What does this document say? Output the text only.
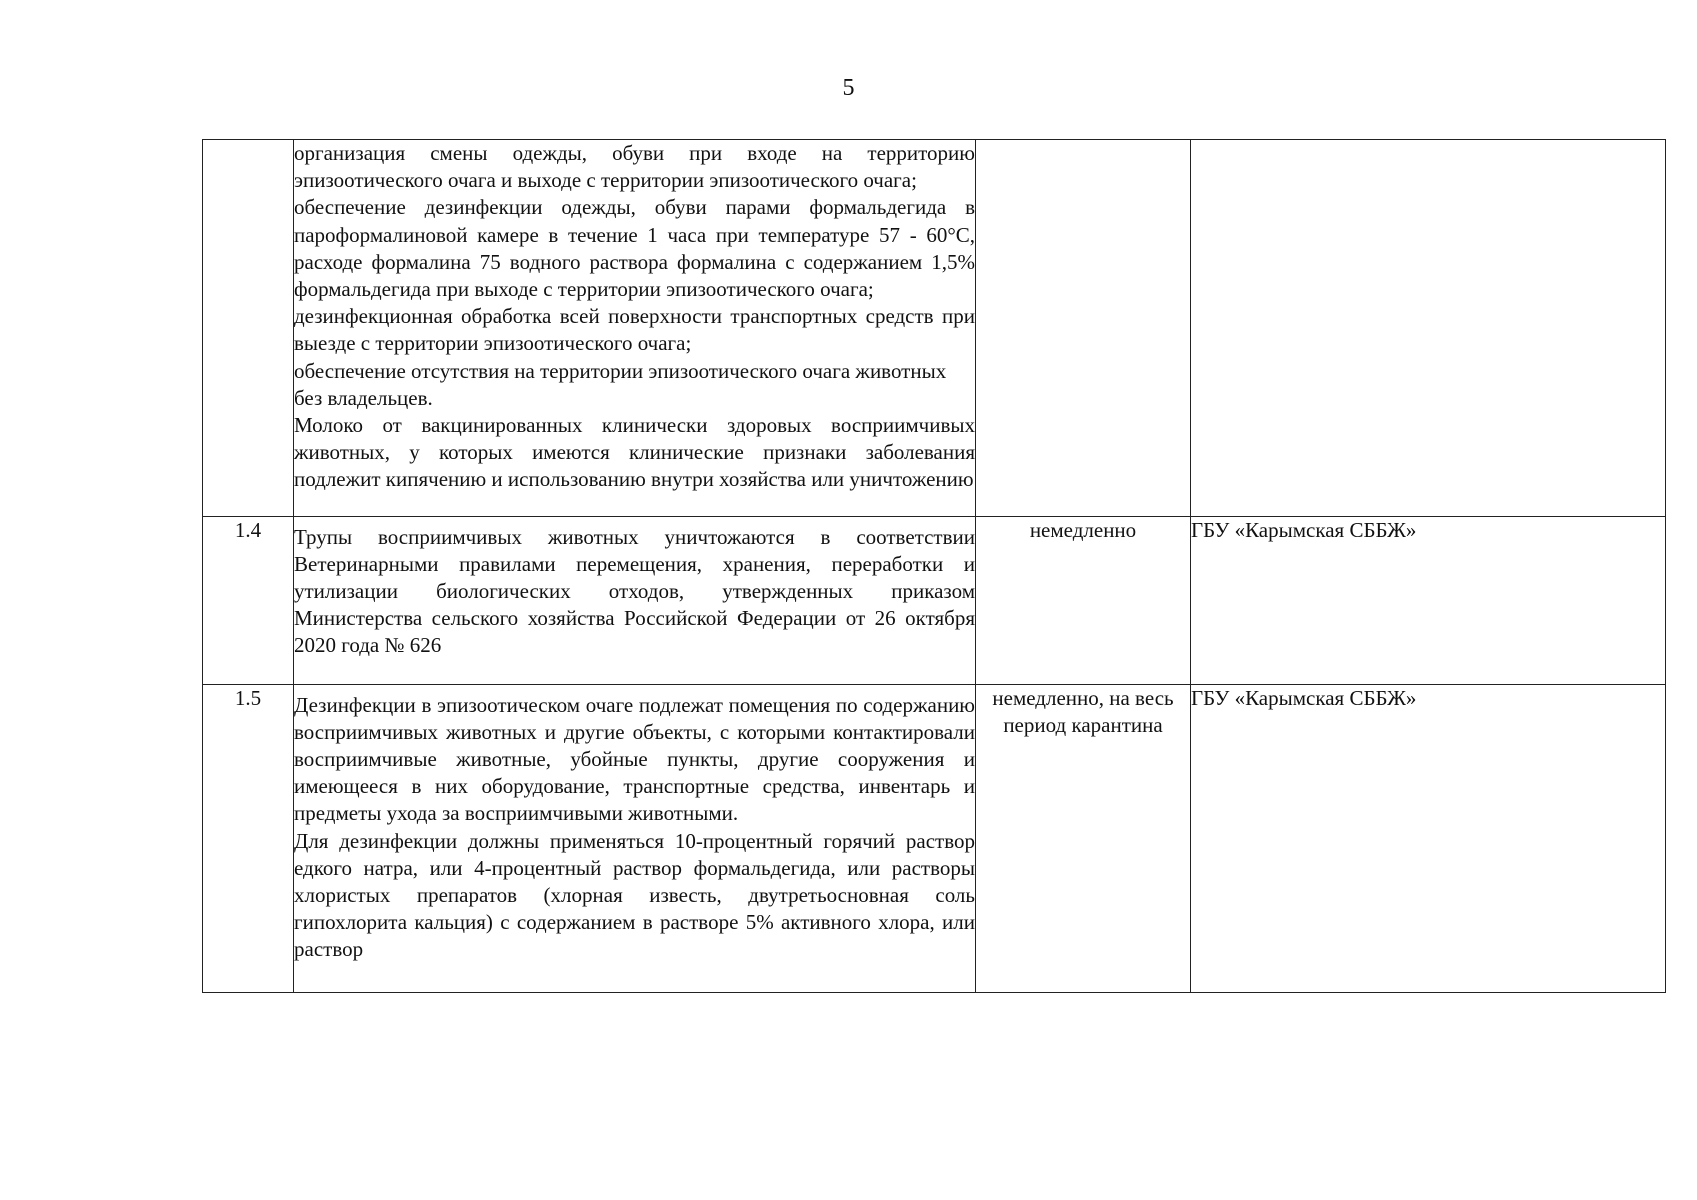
5

	организация смены одежды, обуви при входе на территорию эпизоотического очага и выходе с территории эпизоотического очага;

обеспечение дезинфекции одежды, обуви парами формальдегида в пароформалиновой камере в течение 1 часа при температуре 57 - 60°С, расходе формалина 75 водного раствора формалина с содержанием 1,5% формальдегида при выходе с территории эпизоотического очага;

дезинфекционная обработка всей поверхности транспортных средств при выезде с территории эпизоотического очага;

обеспечение отсутствия на территории эпизоотического очага животных без владельцев.

Молоко от вакцинированных клинически здоровых восприимчивых животных, у которых имеются клинические признаки заболевания подлежит кипячению и использованию внутри хозяйства или уничтожению		

1.4	Трупы восприимчивых животных уничтожаются в соответствии Ветеринарными правилами перемещения, хранения, переработки и утилизации биологических отходов, утвержденных приказом Министерства сельского хозяйства Российской Федерации от 26 октября 2020 года № 626	немедленно	ГБУ «Карымская СББЖ»
1.5	Дезинфекции в эпизоотическом очаге подлежат помещения по содержанию восприимчивых животных и другие объекты, с которыми контактировали восприимчивые животные, убойные пункты, другие сооружения и имеющееся в них оборудование, транспортные средства, инвентарь и предметы ухода за восприимчивыми животными.

Для дезинфекции должны применяться 10-процентный горячий раствор едкого натра, или 4-процентный раствор формальдегида, или растворы хлористых препаратов (хлорная известь, двутретьосновная соль гипохлорита кальция) с содержанием в растворе 5% активного хлора, или раствор	немедленно, на весь период карантина	ГБУ «Карымская СББЖ»
